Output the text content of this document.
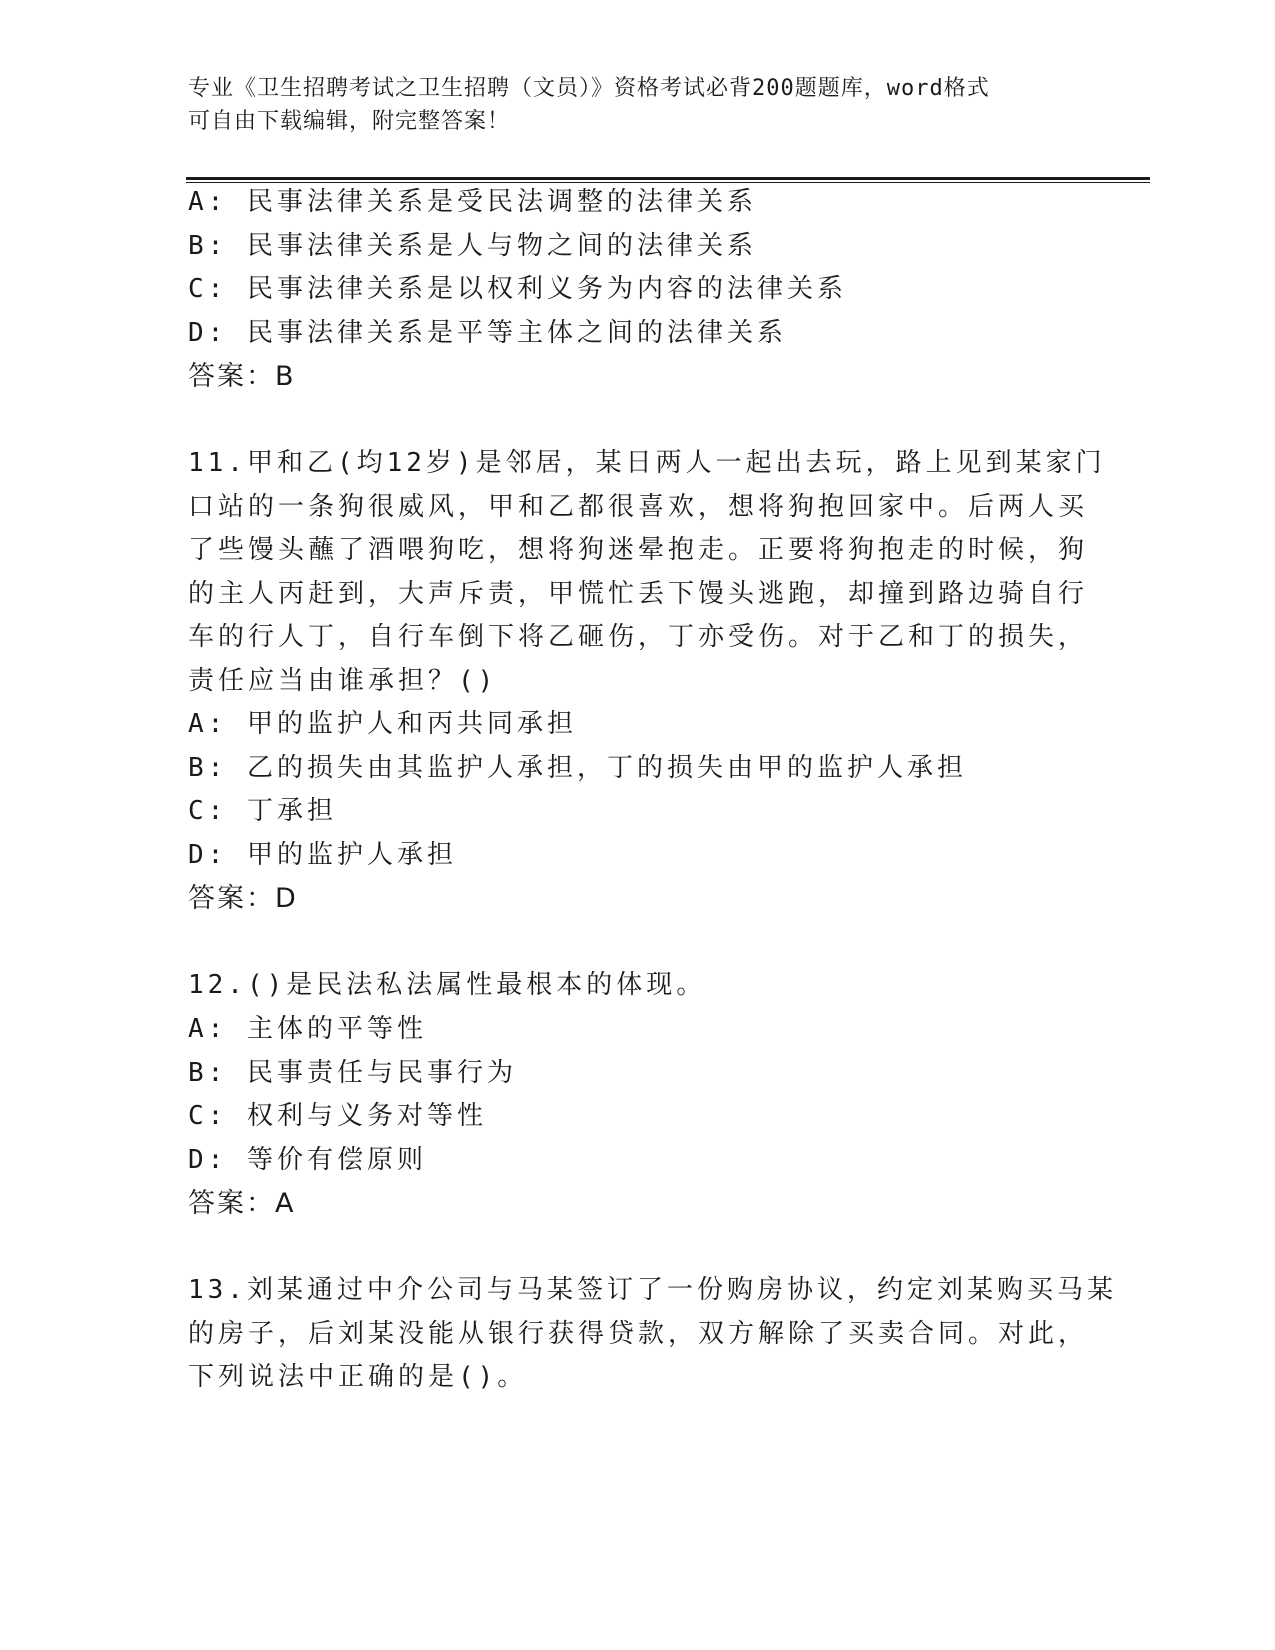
专业《卫生招聘考试之卫生招聘（文员）》资格考试必背200题题库，word格式
可自由下载编辑，附完整答案！
A: 民事法律关系是受民法调整的法律关系
B: 民事法律关系是人与物之间的法律关系
C: 民事法律关系是以权利义务为内容的法律关系
D: 民事法律关系是平等主体之间的法律关系
答案：B
11.甲和乙(均12岁)是邻居，某日两人一起出去玩，路上见到某家门
口站的一条狗很威风，甲和乙都很喜欢，想将狗抱回家中。后两人买
了些馒头蘸了酒喂狗吃，想将狗迷晕抱走。正要将狗抱走的时候，狗
的主人丙赶到，大声斥责，甲慌忙丢下馒头逃跑，却撞到路边骑自行
车的行人丁，自行车倒下将乙砸伤，丁亦受伤。对于乙和丁的损失，
责任应当由谁承担？()
A: 甲的监护人和丙共同承担
B: 乙的损失由其监护人承担，丁的损失由甲的监护人承担
C: 丁承担
D: 甲的监护人承担
答案：D
12.()是民法私法属性最根本的体现。
A: 主体的平等性
B: 民事责任与民事行为
C: 权利与义务对等性
D: 等价有偿原则
答案：A
13.刘某通过中介公司与马某签订了一份购房协议，约定刘某购买马某
的房子，后刘某没能从银行获得贷款，双方解除了买卖合同。对此，
下列说法中正确的是()。
